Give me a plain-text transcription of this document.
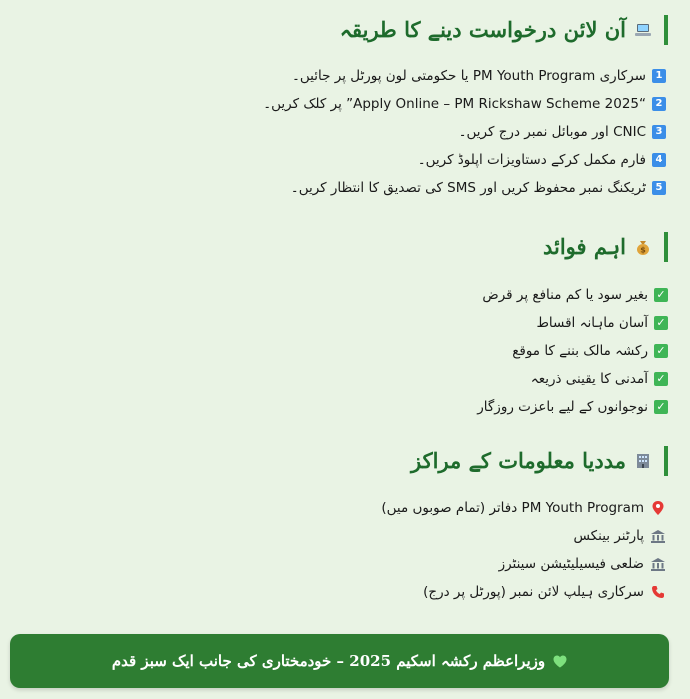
آن لائن درخواست دینے کا طریقہ
1
سرکاری PM Youth Program یا حکومتی لون پورٹل پر جائیں۔
2
“Apply Online – PM Rickshaw Scheme 2025” پر کلک کریں۔
3
CNIC اور موبائل نمبر درج کریں۔
4
فارم مکمل کرکے دستاویزات اپلوڈ کریں۔
5
ٹریکنگ نمبر محفوظ کریں اور SMS کی تصدیق کا انتظار کریں۔
$
اہم فوائد
✓
بغیر سود یا کم منافع پر قرض
✓
آسان ماہانہ اقساط
✓
رکشہ مالک بننے کا موقع
✓
آمدنی کا یقینی ذریعہ
✓
نوجوانوں کے لیے باعزت روزگار
مددیا معلومات کے مراکز
PM Youth Program دفاتر (تمام صوبوں میں)
پارٹنر بینکس
ضلعی فیسیلیٹیشن سینٹرز
سرکاری ہیلپ لائن نمبر (پورٹل پر درج)
وزیراعظم رکشہ اسکیم 2025 – خودمختاری کی جانب ایک سبز قدم
